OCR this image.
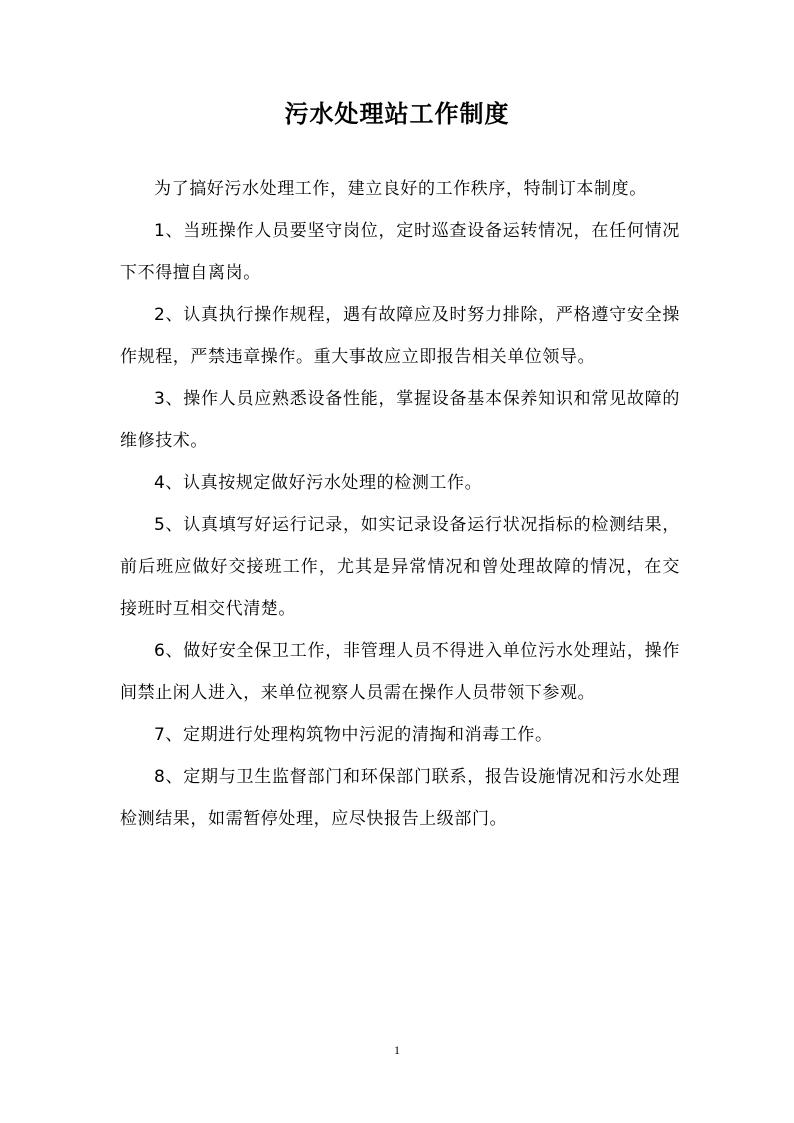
污水处理站工作制度

为了搞好污水处理工作，建立良好的工作秩序，特制订本制度。

1、当班操作人员要坚守岗位，定时巡查设备运转情况，在任何情况下不得擅自离岗。

2、认真执行操作规程，遇有故障应及时努力排除，严格遵守安全操作规程，严禁违章操作。重大事故应立即报告相关单位领导。

3、操作人员应熟悉设备性能，掌握设备基本保养知识和常见故障的维修技术。

4、认真按规定做好污水处理的检测工作。

5、认真填写好运行记录，如实记录设备运行状况指标的检测结果，前后班应做好交接班工作，尤其是异常情况和曾处理故障的情况，在交接班时互相交代清楚。

6、做好安全保卫工作，非管理人员不得进入单位污水处理站，操作间禁止闲人进入，来单位视察人员需在操作人员带领下参观。

7、定期进行处理构筑物中污泥的清掏和消毒工作。

8、定期与卫生监督部门和环保部门联系，报告设施情况和污水处理检测结果，如需暂停处理，应尽快报告上级部门。

1
